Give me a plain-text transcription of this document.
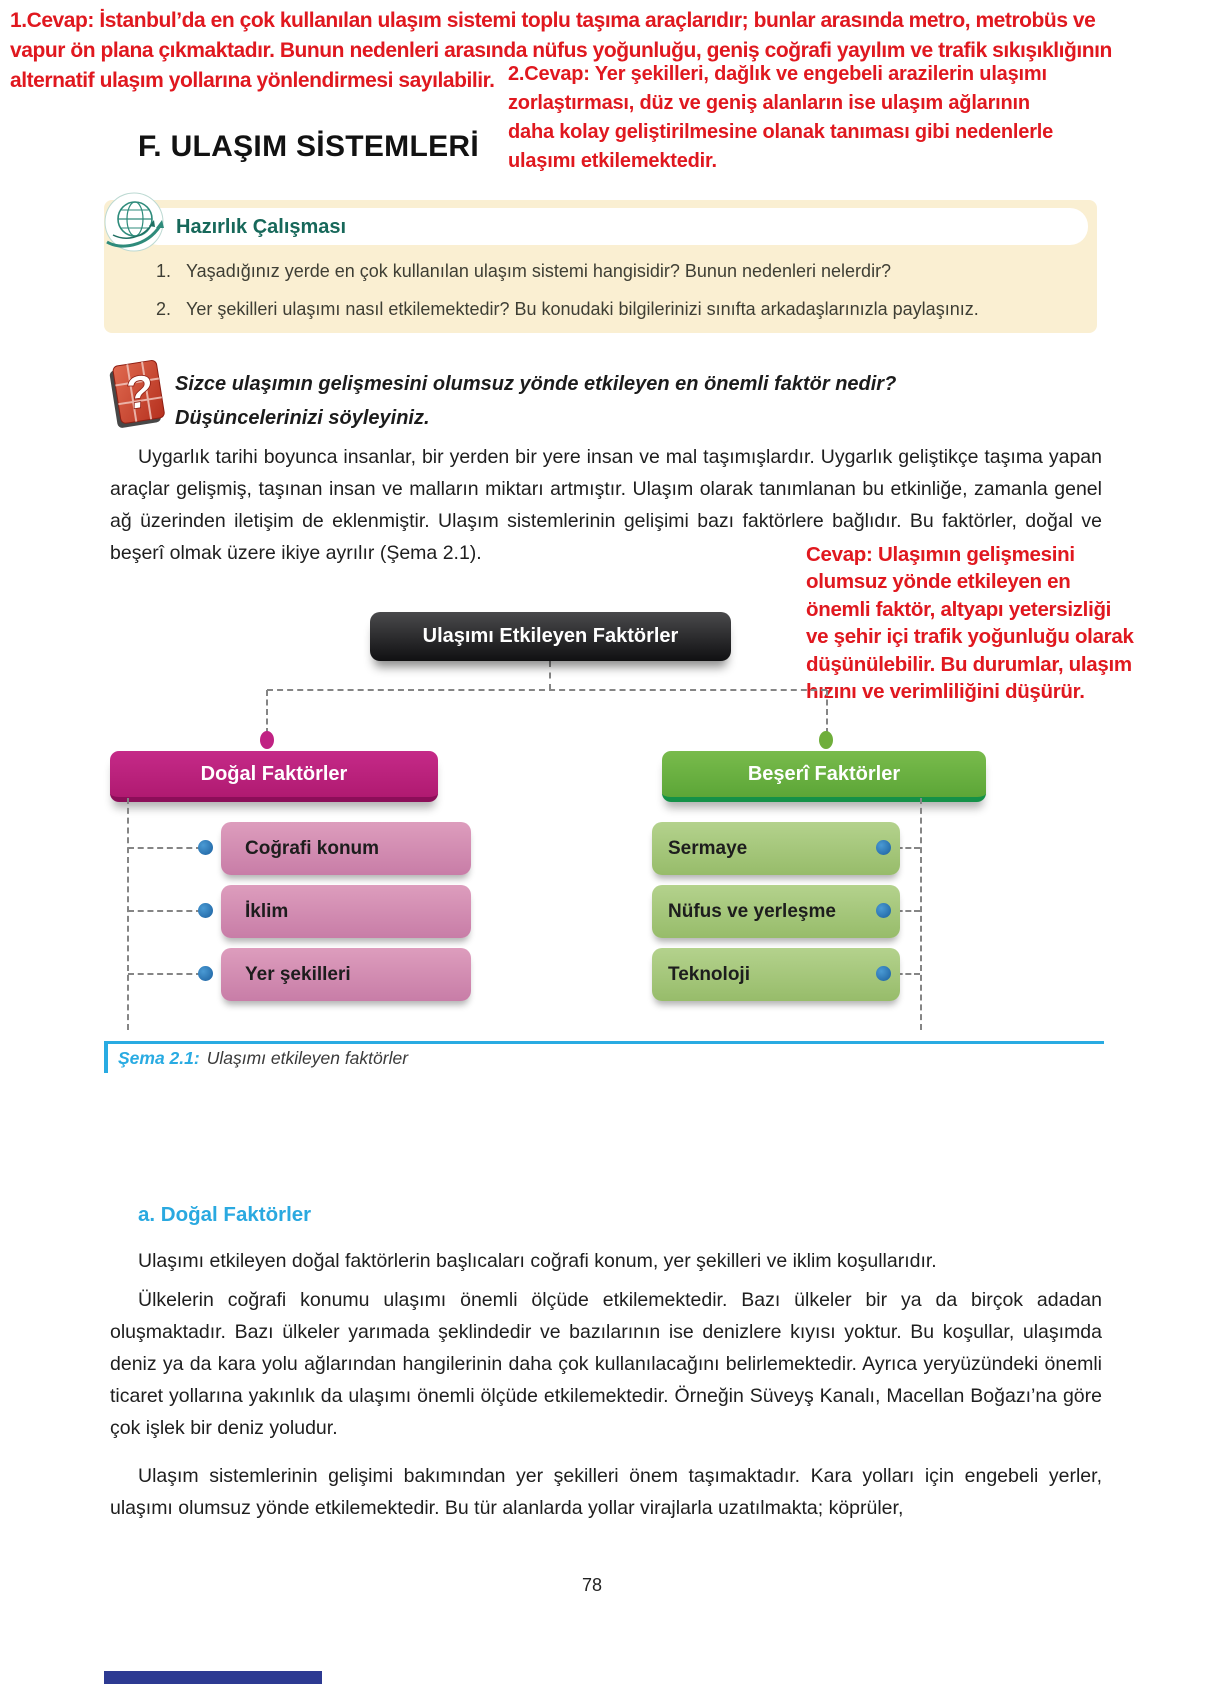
1.Cevap: İstanbul’da en çok kullanılan ulaşım sistemi toplu taşıma araçlarıdır; bunlar arasında metro, metrobüs ve
vapur ön plana çıkmaktadır. Bunun nedenleri arasında nüfus yoğunluğu, geniş coğrafi yayılım ve trafik sıkışıklığının
alternatif ulaşım yollarına yönlendirmesi sayılabilir. 2.Cevap: Yer şekilleri, dağlık ve engebeli arazilerin ulaşımı
zorlaştırması, düz ve geniş alanların ise ulaşım ağlarının
daha kolay geliştirilmesine olanak tanıması gibi nedenlerle
ulaşımı etkilemektedir.
F. ULAŞIM SİSTEMLERİ
Hazırlık Çalışması
1. Yaşadığınız yerde en çok kullanılan ulaşım sistemi hangisidir? Bunun nedenleri nelerdir?
2. Yer şekilleri ulaşımı nasıl etkilemektedir? Bu konudaki bilgilerinizi sınıfta arkadaşlarınızla paylaşınız.
? Sizce ulaşımın gelişmesini olumsuz yönde etkileyen en önemli faktör nedir?
Düşüncelerinizi söyleyiniz.

Uygarlık tarihi boyunca insanlar, bir yerden bir yere insan ve mal taşımışlardır. Uygarlık geliştikçe taşıma yapan araçlar gelişmiş, taşınan insan ve malların miktarı artmıştır. Ulaşım olarak tanımlanan bu etkinliğe, zamanla genel ağ üzerinden iletişim de eklenmiştir. Ulaşım sistemlerinin gelişimi bazı faktörlere bağlıdır. Bu faktörler, doğal ve beşerî olmak üzere ikiye ayrılır (Şema 2.1).	Cevap: Ulaşımın gelişmesini
olumsuz yönde etkileyen en
önemli faktör, altyapı yetersizliği
ve şehir içi trafik yoğunluğu olarak
düşünülebilir. Bu durumlar, ulaşım
hızını ve verimliliğini düşürür.
Ulaşımı Etkileyen Faktörler
Doğal Faktörler	Beşerî Faktörler
Coğrafi konum
İklim
Yer şekilleri
Sermaye
Nüfus ve yerleşme
Teknoloji
Şema 2.1: Ulaşımı etkileyen faktörler
a. Doğal Faktörler

Ulaşımı etkileyen doğal faktörlerin başlıcaları coğrafi konum, yer şekilleri ve iklim koşullarıdır.

Ülkelerin coğrafi konumu ulaşımı önemli ölçüde etkilemektedir. Bazı ülkeler bir ya da birçok adadan oluşmaktadır. Bazı ülkeler yarımada şeklindedir ve bazılarının ise denizlere kıyısı yoktur. Bu koşullar, ulaşımda deniz ya da kara yolu ağlarından hangilerinin daha çok kullanılacağını belirlemektedir. Ayrıca yeryüzündeki önemli ticaret yollarına yakınlık da ulaşımı önemli ölçüde etkilemektedir. Örneğin Süveyş Kanalı, Macellan Boğazı’na göre çok işlek bir deniz yoludur.

Ulaşım sistemlerinin gelişimi bakımından yer şekilleri önem taşımaktadır. Kara yolları için engebeli yerler, ulaşımı olumsuz yönde etkilemektedir. Bu tür alanlarda yollar virajlarla uzatılmakta; köprüler,

78
